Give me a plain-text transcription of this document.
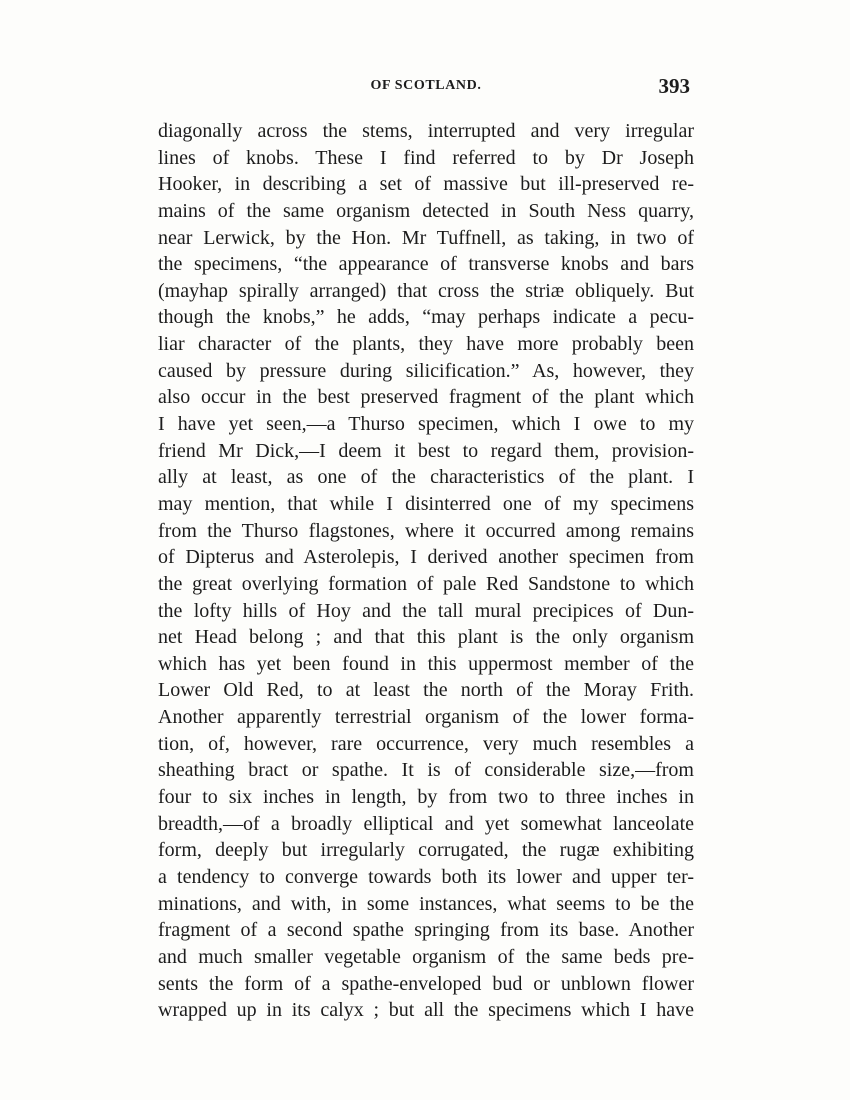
OF SCOTLAND.	393
diagonally across the stems, interrupted and very irregular
lines of knobs. These I find referred to by Dr Joseph
Hooker, in describing a set of massive but ill-preserved re-
mains of the same organism detected in South Ness quarry,
near Lerwick, by the Hon. Mr Tuffnell, as taking, in two of
the specimens, “the appearance of transverse knobs and bars
(mayhap spirally arranged) that cross the striæ obliquely. But
though the knobs,” he adds, “may perhaps indicate a pecu-
liar character of the plants, they have more probably been
caused by pressure during silicification.” As, however, they
also occur in the best preserved fragment of the plant which
I have yet seen,—a Thurso specimen, which I owe to my
friend Mr Dick,—I deem it best to regard them, provision-
ally at least, as one of the characteristics of the plant. I
may mention, that while I disinterred one of my specimens
from the Thurso flagstones, where it occurred among remains
of Dipterus and Asterolepis, I derived another specimen from
the great overlying formation of pale Red Sandstone to which
the lofty hills of Hoy and the tall mural precipices of Dun-
net Head belong ; and that this plant is the only organism
which has yet been found in this uppermost member of the
Lower Old Red, to at least the north of the Moray Frith.
Another apparently terrestrial organism of the lower forma-
tion, of, however, rare occurrence, very much resembles a
sheathing bract or spathe. It is of considerable size,—from
four to six inches in length, by from two to three inches in
breadth,—of a broadly elliptical and yet somewhat lanceolate
form, deeply but irregularly corrugated, the rugæ exhibiting
a tendency to converge towards both its lower and upper ter-
minations, and with, in some instances, what seems to be the
fragment of a second spathe springing from its base. Another
and much smaller vegetable organism of the same beds pre-
sents the form of a spathe-enveloped bud or unblown flower
wrapped up in its calyx ; but all the specimens which I have
